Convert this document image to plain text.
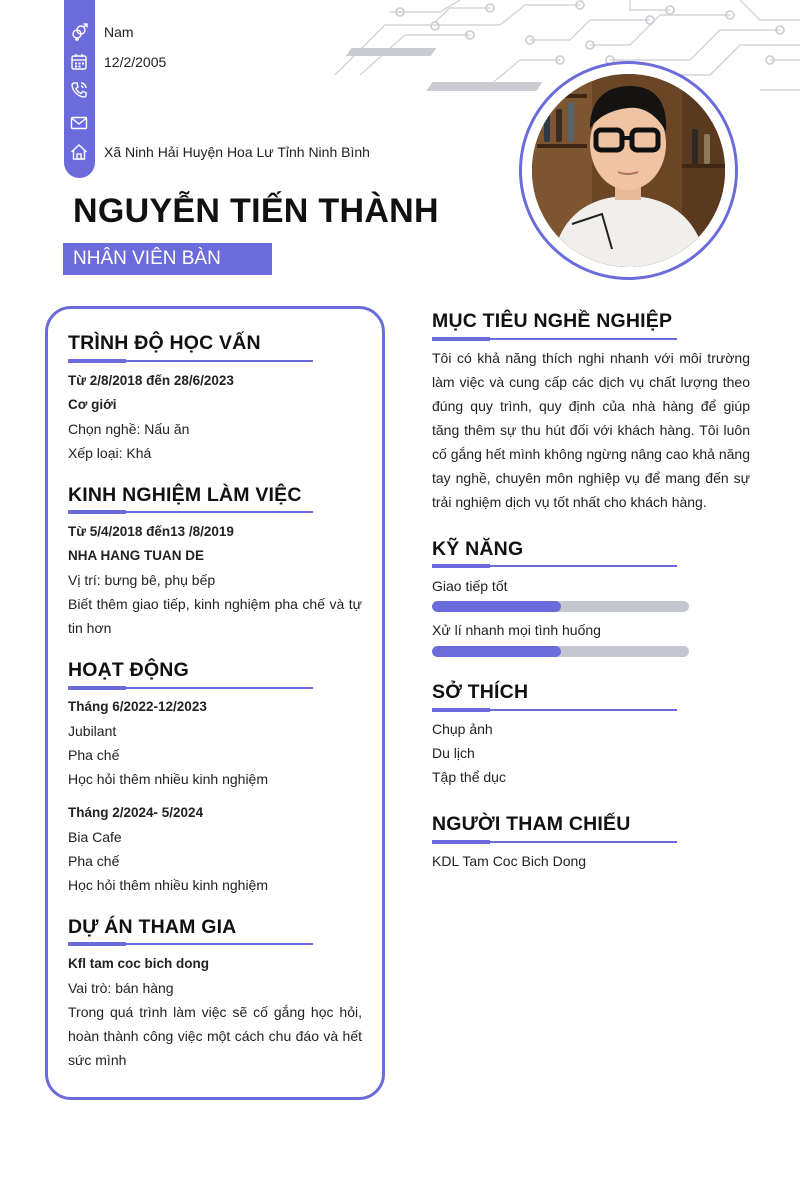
Nam
12/2/2005
Xã Ninh Hải Huyện Hoa Lư Tỉnh Ninh Bình
NGUYỄN TIẾN THÀNH
NHÂN VIÊN BÀN
TRÌNH ĐỘ HỌC VẤN
Từ 2/8/2018 đến 28/6/2023
Cơ giới
Chọn nghề: Nấu ăn
Xếp loại: Khá
KINH NGHIỆM LÀM VIỆC
Từ 5/4/2018 đến13 /8/2019
NHA HANG TUAN DE
Vị trí: bưng bê, phụ bếp
Biết thêm giao tiếp, kinh nghiệm pha chế và tự tin hơn
HOẠT ĐỘNG
Tháng 6/2022-12/2023
Jubilant
Pha chế
Học hỏi thêm nhiều kinh nghiệm
Tháng 2/2024- 5/2024
Bia Cafe
Pha chế
Học hỏi thêm nhiều kinh nghiệm
DỰ ÁN THAM GIA
Kfl tam coc bich dong
Vai trò: bán hàng
Trong quá trình làm việc sẽ cố gắng học hỏi, hoàn thành công việc một cách chu đáo và hết sức mình
MỤC TIÊU NGHỀ NGHIỆP
Tôi có khả năng thích nghi nhanh với môi trường làm việc và cung cấp các dịch vụ chất lượng theo đúng quy trình, quy định của nhà hàng để giúp tăng thêm sự thu hút đối với khách hàng. Tôi luôn cố gắng hết mình không ngừng nâng cao khả năng tay nghề, chuyên môn nghiệp vụ để mang đến sự trải nghiệm dịch vụ tốt nhất cho khách hàng.
KỸ NĂNG
Giao tiếp tốt
Xử lí nhanh mọi tình huống
SỞ THÍCH
Chụp ảnh
Du lịch
Tập thể dục
NGƯỜI THAM CHIẾU
KDL Tam Coc Bich Dong
